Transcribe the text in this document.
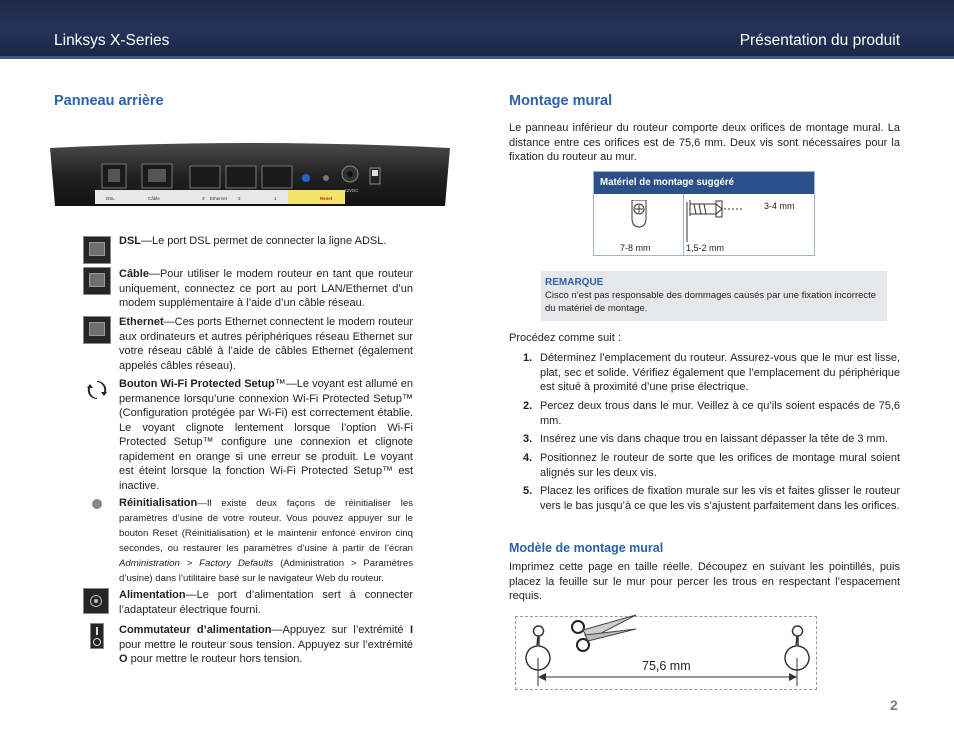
Linksys X-Series	Présentation du produit
Panneau arrière
DSL	Câble	3 Ethernet 2	1	Reset
12VDC
DSL—Le port DSL permet de connecter la ligne ADSL.
Câble—Pour utiliser le modem routeur en tant que routeur uniquement, connectez ce port au port LAN/Ethernet d’un modem supplémentaire à l’aide d’un câble réseau.
Ethernet—Ces ports Ethernet connectent le modem routeur aux ordinateurs et autres périphériques réseau Ethernet sur votre réseau câblé à l’aide de câbles Ethernet (également appelés câbles réseau).
Bouton Wi-Fi Protected Setup™—Le voyant est allumé en permanence lorsqu’une connexion Wi-Fi Protected Setup™ (Configuration protégée par Wi-Fi) est correctement établie. Le voyant clignote lentement lorsque l’option Wi-Fi Protected Setup™ configure une connexion et clignote rapidement en orange si une erreur se produit. Le voyant est éteint lorsque la fonction Wi-Fi Protected Setup™ est inactive.
Réinitialisation—Il existe deux façons de réinitialiser les paramètres d’usine de votre routeur. Vous pouvez appuyer sur le bouton Reset (Réinitialisation) et le maintenir enfoncé environ cinq secondes, ou restaurer les paramètres d’usine à partir de l’écran Administration > Factory Defaults (Administration > Paramètres d’usine) dans l’utilitaire basé sur le navigateur Web du routeur.
Alimentation—Le port d’alimentation sert à connecter l’adaptateur électrique fourni.
Commutateur d’alimentation—Appuyez sur l’extrémité I pour mettre le routeur sous tension. Appuyez sur l’extrémité O pour mettre le routeur hors tension.
Montage mural
Le panneau inférieur du routeur comporte deux orifices de montage mural. La distance entre ces orifices est de 75,6 mm. Deux vis sont nécessaires pour la fixation du routeur au mur.
Matériel de montage suggéré
7-8 mm
3-4 mm
1,5-2 mm
REMARQUE
Cisco n’est pas responsable des dommages causés par une fixation incorrecte du matériel de montage.
Procédez comme suit :
1. Déterminez l’emplacement du routeur. Assurez-vous que le mur est lisse, plat, sec et solide. Vérifiez également que l’emplacement du périphérique est situé à proximité d’une prise électrique.
2. Percez deux trous dans le mur. Veillez à ce qu’ils soient espacés de 75,6 mm.
3. Insérez une vis dans chaque trou en laissant dépasser la tête de 3 mm.
4. Positionnez le routeur de sorte que les orifices de montage mural soient alignés sur les deux vis.
5. Placez les orifices de fixation murale sur les vis et faites glisser le routeur vers le bas jusqu’à ce que les vis s’ajustent parfaitement dans les orifices.
Modèle de montage mural
Imprimez cette page en taille réelle. Découpez en suivant les pointillés, puis placez la feuille sur le mur pour percer les trous en respectant l’espacement requis.
75,6 mm
2
